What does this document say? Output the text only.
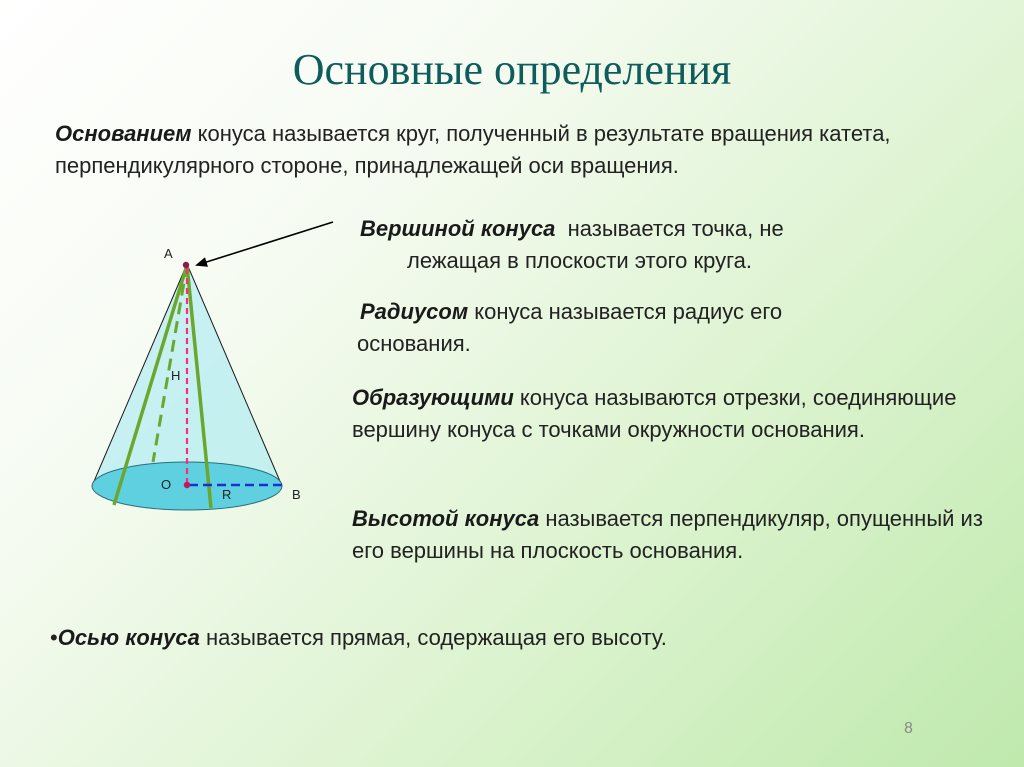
Основные определения

Основанием конуса называется круг, полученный в результате вращения катета, перпендикулярного стороне, принадлежащей оси вращения.

Вершиной конуса  называется точка, не
лежащая в плоскости этого круга.

Радиусом конуса называется радиус его
основания.

Образующими конуса называются отрезки, соединяющие вершину конуса с точками окружности основания.

Высотой конуса называется перпендикуляр, опущенный из его вершины на плоскость основания.

•Осью конуса называется прямая, содержащая его высоту.

8
A
H
O
R	B
